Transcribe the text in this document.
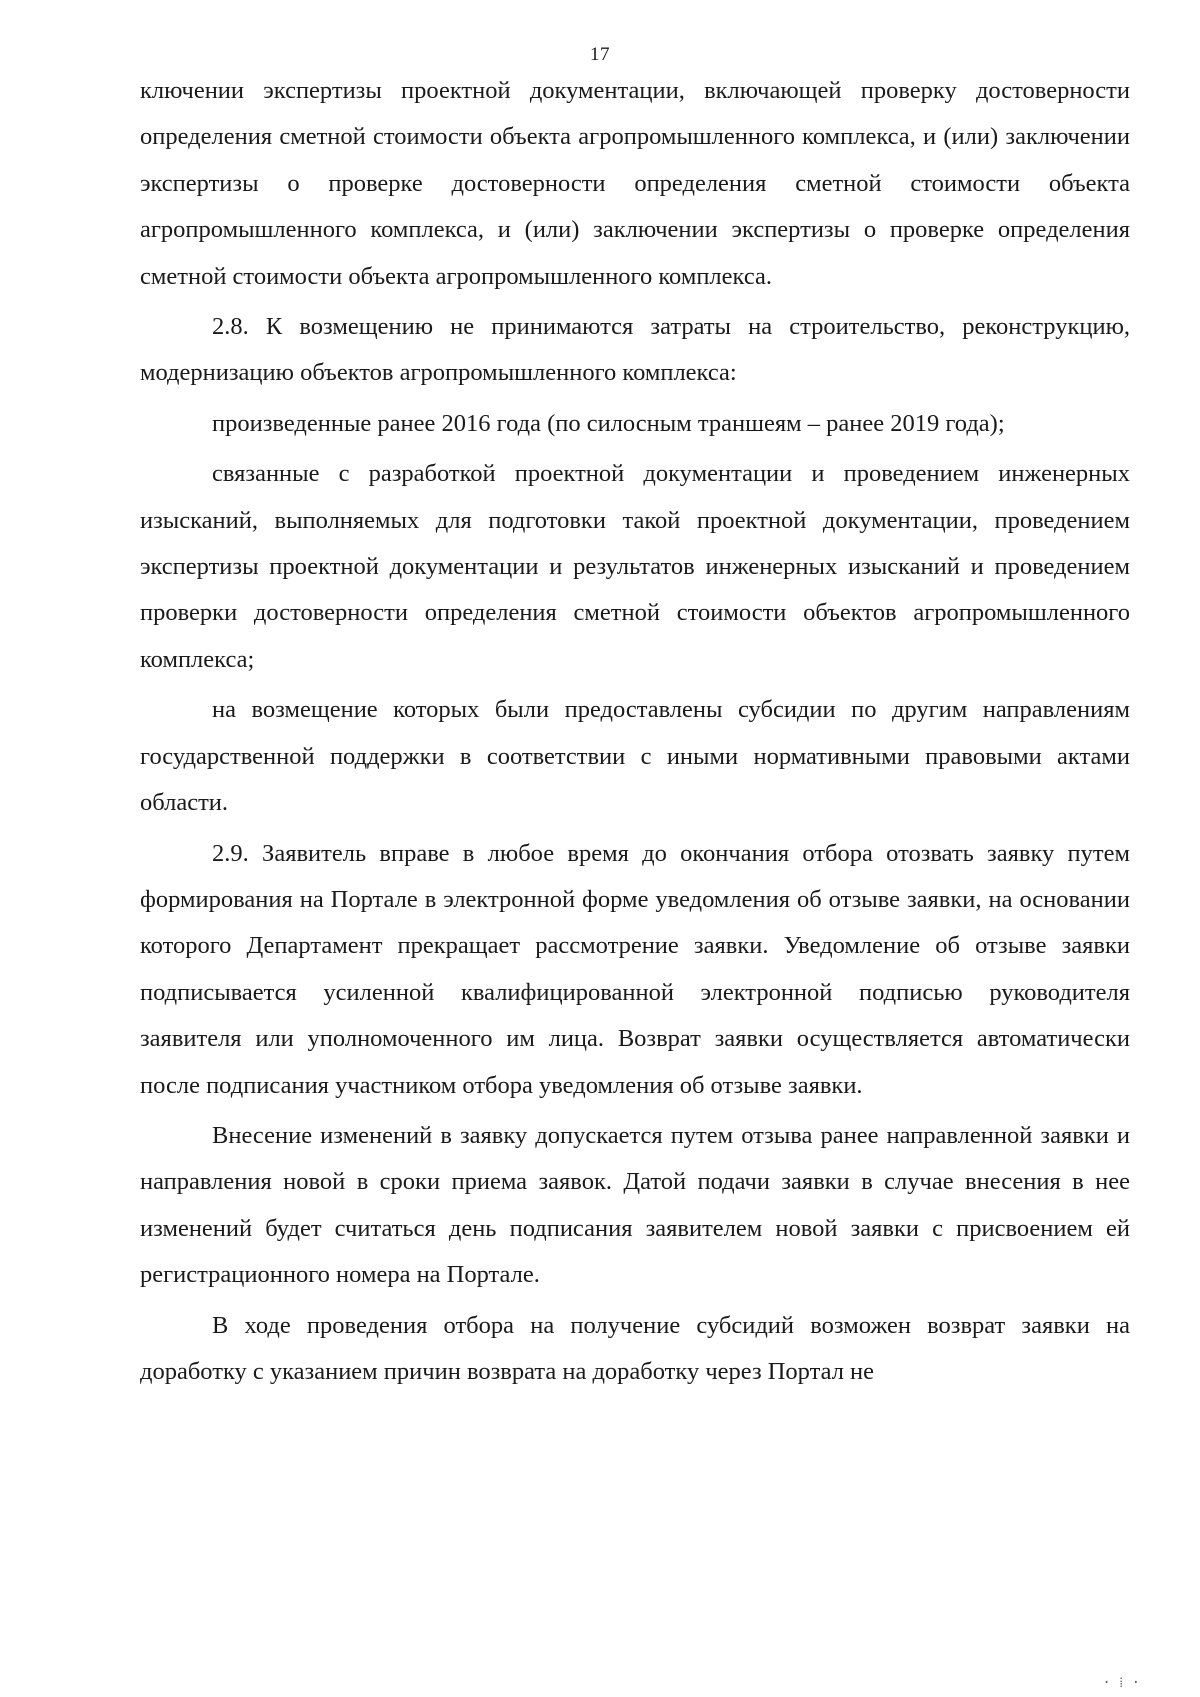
17

ключении экспертизы проектной документации, включающей проверку достоверности определения сметной стоимости объекта агропромышленного комплекса, и (или) заключении экспертизы о проверке достоверности определения сметной стоимости объекта агропромышленного комплекса, и (или) заключении экспертизы о проверке определения сметной стоимости объекта агропромышленного комплекса.

2.8. К возмещению не принимаются затраты на строительство, реконструкцию, модернизацию объектов агропромышленного комплекса:

произведенные ранее 2016 года (по силосным траншеям – ранее 2019 года);

связанные с разработкой проектной документации и проведением инженерных изысканий, выполняемых для подготовки такой проектной документации, проведением экспертизы проектной документации и результатов инженерных изысканий и проведением проверки достоверности определения сметной стоимости объектов агропромышленного комплекса;

на возмещение которых были предоставлены субсидии по другим направлениям государственной поддержки в соответствии с иными нормативными правовыми актами области.

2.9. Заявитель вправе в любое время до окончания отбора отозвать заявку путем формирования на Портале в электронной форме уведомления об отзыве заявки, на основании которого Департамент прекращает рассмотрение заявки. Уведомление об отзыве заявки подписывается усиленной квалифицированной электронной подписью руководителя заявителя или уполномоченного им лица. Возврат заявки осуществляется автоматически после подписания участником отбора уведомления об отзыве заявки.

Внесение изменений в заявку допускается путем отзыва ранее направленной заявки и направления новой в сроки приема заявок. Датой подачи заявки в случае внесения в нее изменений будет считаться день подписания заявителем новой заявки с присвоением ей регистрационного номера на Портале.

В ходе проведения отбора на получение субсидий возможен возврат заявки на доработку с указанием причин возврата на доработку через Портал не

· ⁞ ·
